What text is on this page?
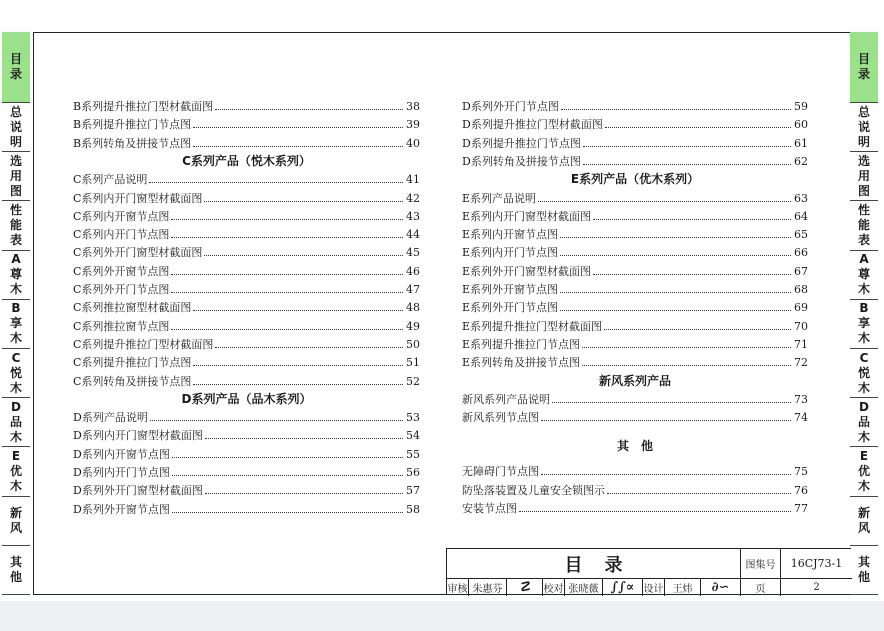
目录
总说明
选用图
性能表
A尊木
B享木
C悦木
D品木
E优木
新风
其他
目录
总说明
选用图
性能表
A尊木
B享木
C悦木
D品木
E优木
新风
其他
B系列提升推拉门型材截面图	38
B系列提升推拉门节点图	39
B系列转角及拼接节点图	40
C系列产品（悦木系列）
C系列产品说明	41
C系列内开门窗型材截面图	42
C系列内开窗节点图	43
C系列内开门节点图	44
C系列外开门窗型材截面图	45
C系列外开窗节点图	46
C系列外开门节点图	47
C系列推拉窗型材截面图	48
C系列推拉窗节点图	49
C系列提升推拉门型材截面图	50
C系列提升推拉门节点图	51
C系列转角及拼接节点图	52
D系列产品（品木系列）
D系列产品说明	53
D系列内开门窗型材截面图	54
D系列内开窗节点图	55
D系列内开门节点图	56
D系列外开门窗型材截面图	57
D系列外开窗节点图	58
D系列外开门节点图	59
D系列提升推拉门型材截面图	60
D系列提升推拉门节点图	61
D系列转角及拼接节点图	62
E系列产品（优木系列）
E系列产品说明	63
E系列内开门窗型材截面图	64
E系列内开窗节点图	65
E系列内开门节点图	66
E系列外开门窗型材截面图	67
E系列外开窗节点图	68
E系列外开门节点图	69
E系列提升推拉门型材截面图	70
E系列提升推拉门节点图	71
E系列转角及拼接节点图	72
新风系列产品
新风系列产品说明	73
新风系列节点图	74
其　他
无障碍门节点图	75
防坠落装置及儿童安全锁图示	76
安装节点图	77
目录	图集号	16CJ73-1
审核 朱惠芬	☡	校对 张晓薇 ∫∫∝ 设计 王炜	∂∽	页	2
